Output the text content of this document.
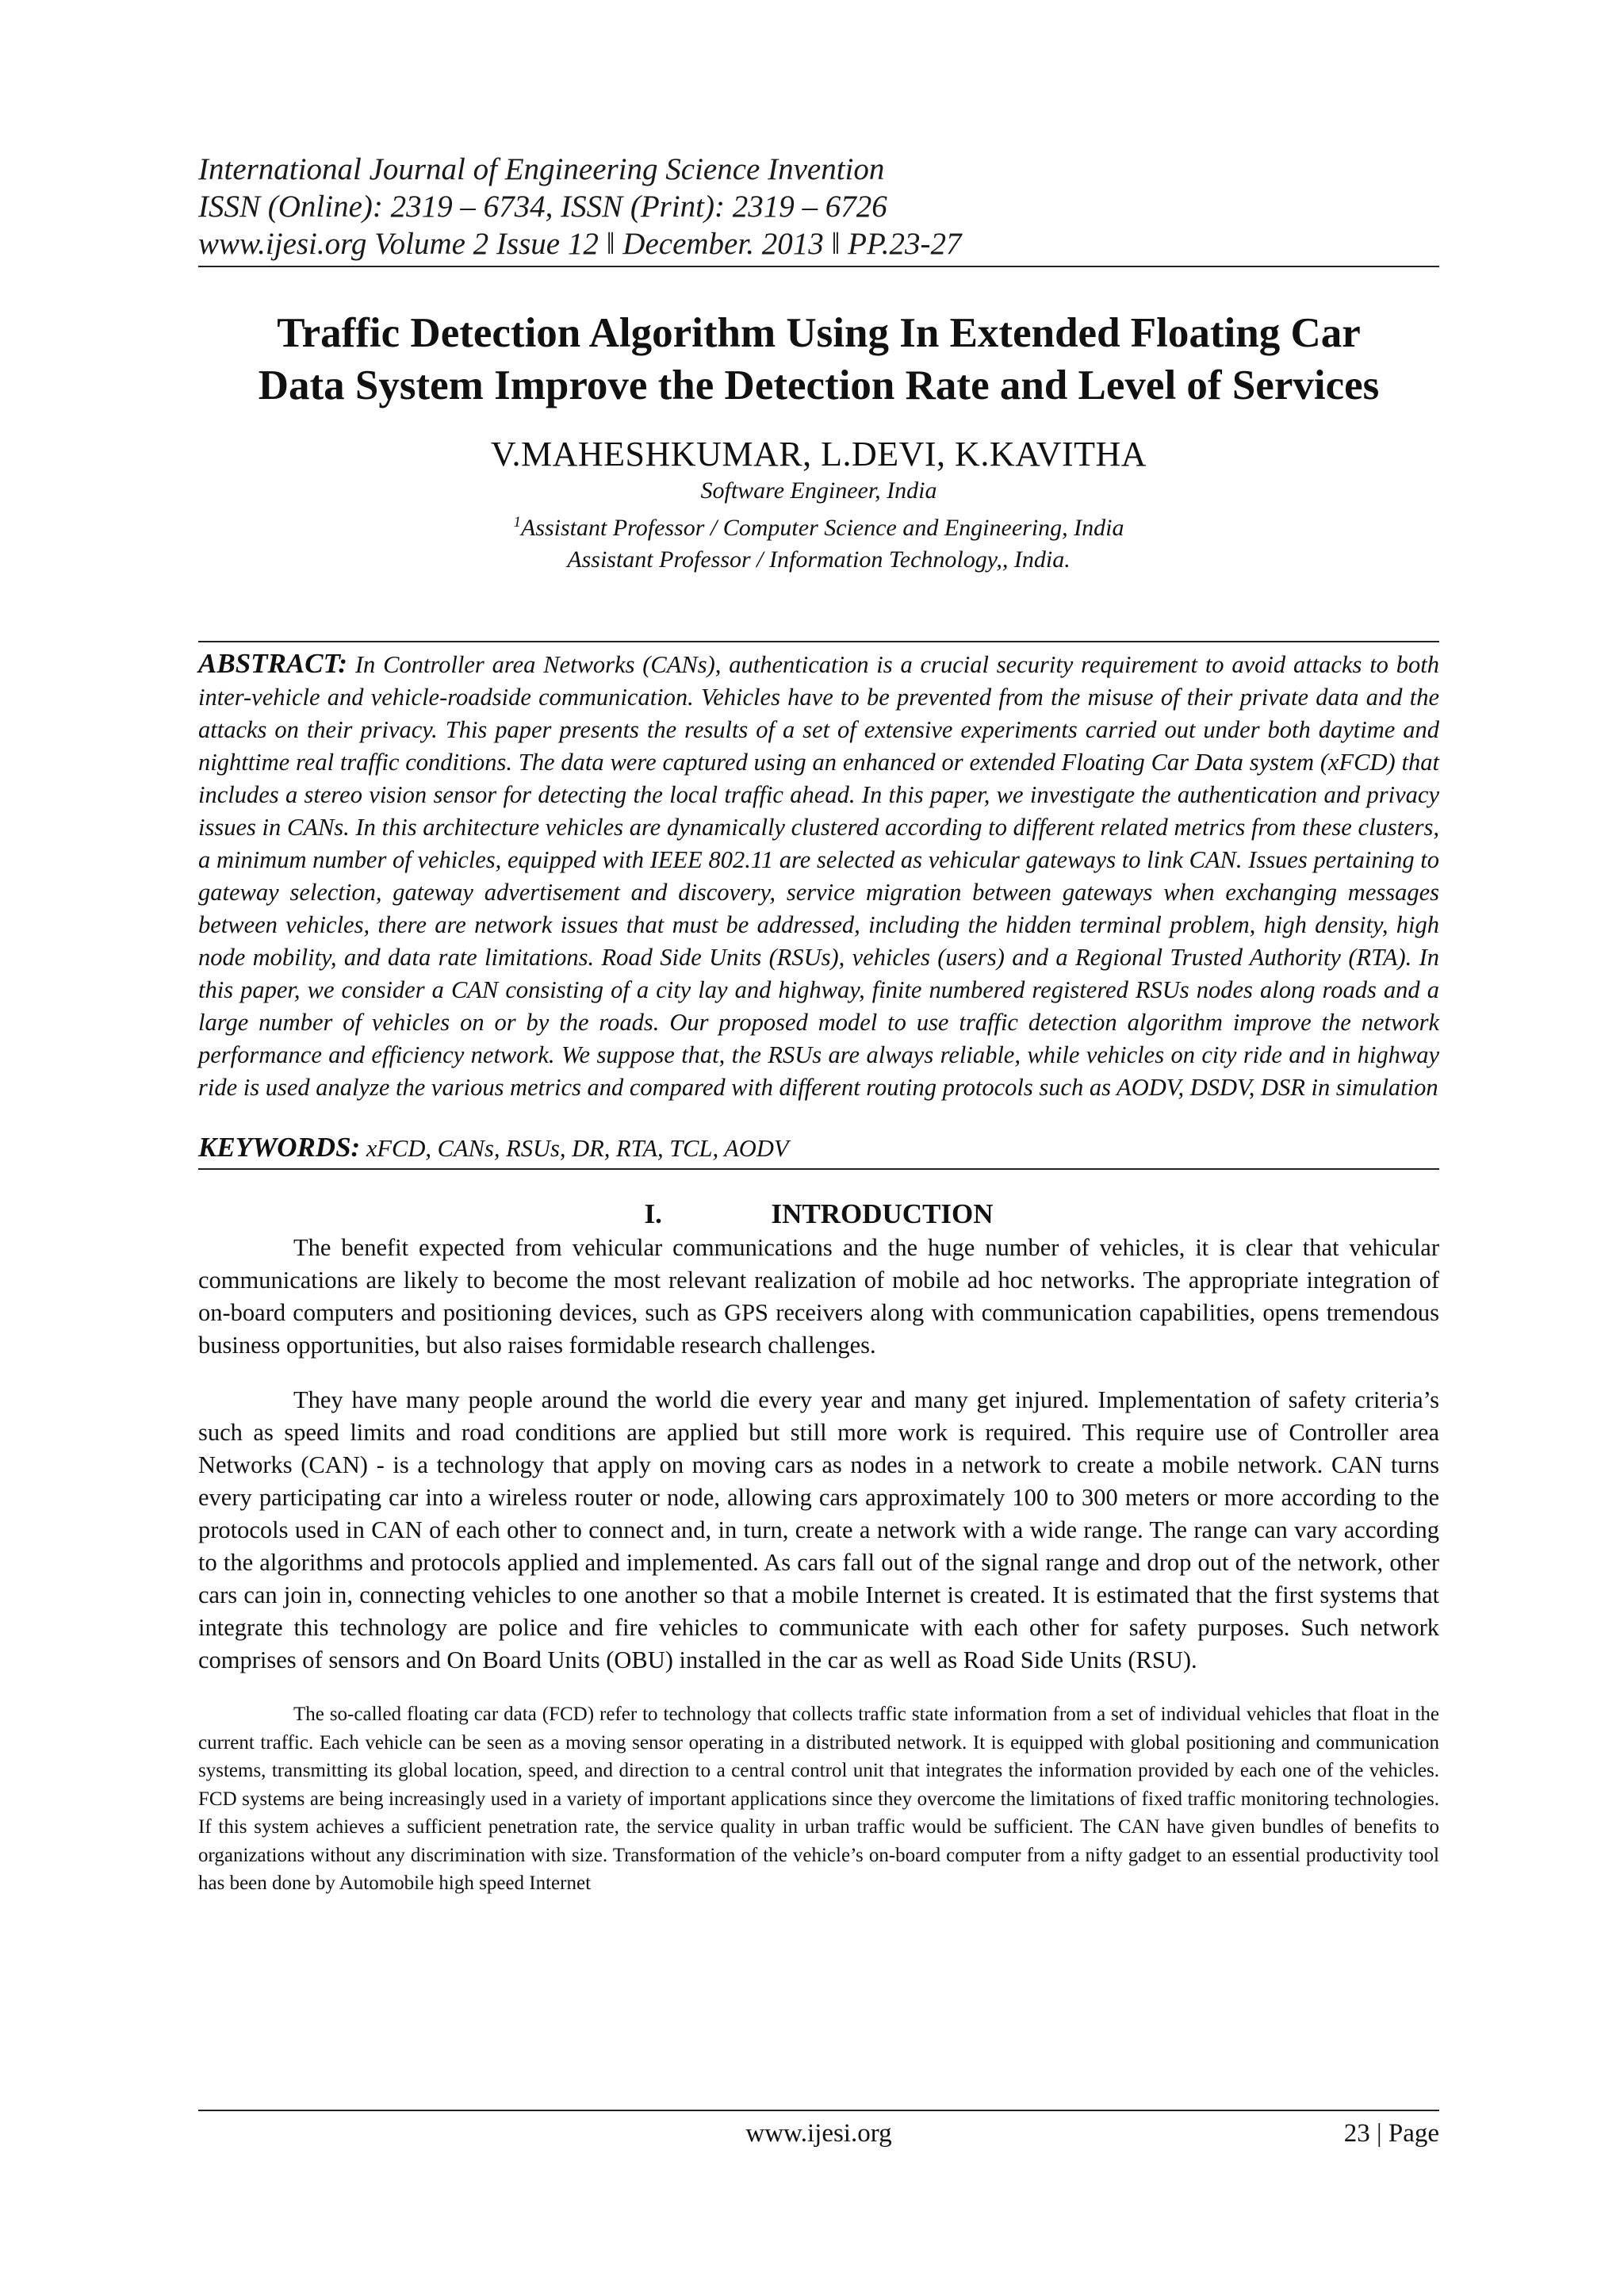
International Journal of Engineering Science Invention
ISSN (Online): 2319 – 6734, ISSN (Print): 2319 – 6726
www.ijesi.org Volume 2 Issue 12 ǁ December. 2013 ǁ PP.23-27
Traffic Detection Algorithm Using In Extended Floating Car
Data System Improve the Detection Rate and Level of Services
V.MAHESHKUMAR, L.DEVI, K.KAVITHA
Software Engineer, India
$^1$Assistant Professor / Computer Science and Engineering, India
Assistant Professor / Information Technology,, India.
ABSTRACT: In Controller area Networks (CANs), authentication is a crucial security requirement to avoid attacks to both inter-vehicle and vehicle-roadside communication. Vehicles have to be prevented from the misuse of their private data and the attacks on their privacy. This paper presents the results of a set of extensive experiments carried out under both daytime and nighttime real traffic conditions. The data were captured using an enhanced or extended Floating Car Data system (xFCD) that includes a stereo vision sensor for detecting the local traffic ahead. In this paper, we investigate the authentication and privacy issues in CANs. In this architecture vehicles are dynamically clustered according to different related metrics from these clusters, a minimum number of vehicles, equipped with IEEE 802.11 are selected as vehicular gateways to link CAN. Issues pertaining to gateway selection, gateway advertisement and discovery, service migration between gateways when exchanging messages between vehicles, there are network issues that must be addressed, including the hidden terminal problem, high density, high node mobility, and data rate limitations. Road Side Units (RSUs), vehicles (users) and a Regional Trusted Authority (RTA). In this paper, we consider a CAN consisting of a city lay and highway, finite numbered registered RSUs nodes along roads and a large number of vehicles on or by the roads. Our proposed model to use traffic detection algorithm improve the network performance and efficiency network. We suppose that, the RSUs are always reliable, while vehicles on city ride and in highway ride is used analyze the various metrics and compared with different routing protocols such as AODV, DSDV, DSR in simulation
KEYWORDS: xFCD, CANs, RSUs, DR, RTA, TCL, AODV
I.	INTRODUCTION
The benefit expected from vehicular communications and the huge number of vehicles, it is clear that vehicular communications are likely to become the most relevant realization of mobile ad hoc networks. The appropriate integration of on-board computers and positioning devices, such as GPS receivers along with communication capabilities, opens tremendous business opportunities, but also raises formidable research challenges.
They have many people around the world die every year and many get injured. Implementation of safety criteria’s such as speed limits and road conditions are applied but still more work is required. This require use of Controller area Networks (CAN) - is a technology that apply on moving cars as nodes in a network to create a mobile network. CAN turns every participating car into a wireless router or node, allowing cars approximately 100 to 300 meters or more according to the protocols used in CAN of each other to connect and, in turn, create a network with a wide range. The range can vary according to the algorithms and protocols applied and implemented. As cars fall out of the signal range and drop out of the network, other cars can join in, connecting vehicles to one another so that a mobile Internet is created. It is estimated that the first systems that integrate this technology are police and fire vehicles to communicate with each other for safety purposes. Such network comprises of sensors and On Board Units (OBU) installed in the car as well as Road Side Units (RSU).
The so-called floating car data (FCD) refer to technology that collects traffic state information from a set of individual vehicles that float in the current traffic. Each vehicle can be seen as a moving sensor operating in a distributed network. It is equipped with global positioning and communication systems, transmitting its global location, speed, and direction to a central control unit that integrates the information provided by each one of the vehicles. FCD systems are being increasingly used in a variety of important applications since they overcome the limitations of fixed traffic monitoring technologies. If this system achieves a sufficient penetration rate, the service quality in urban traffic would be sufficient. The CAN have given bundles of benefits to organizations without any discrimination with size. Transformation of the vehicle’s on-board computer from a nifty gadget to an essential productivity tool has been done by Automobile high speed Internet
www.ijesi.org	23 | Page
